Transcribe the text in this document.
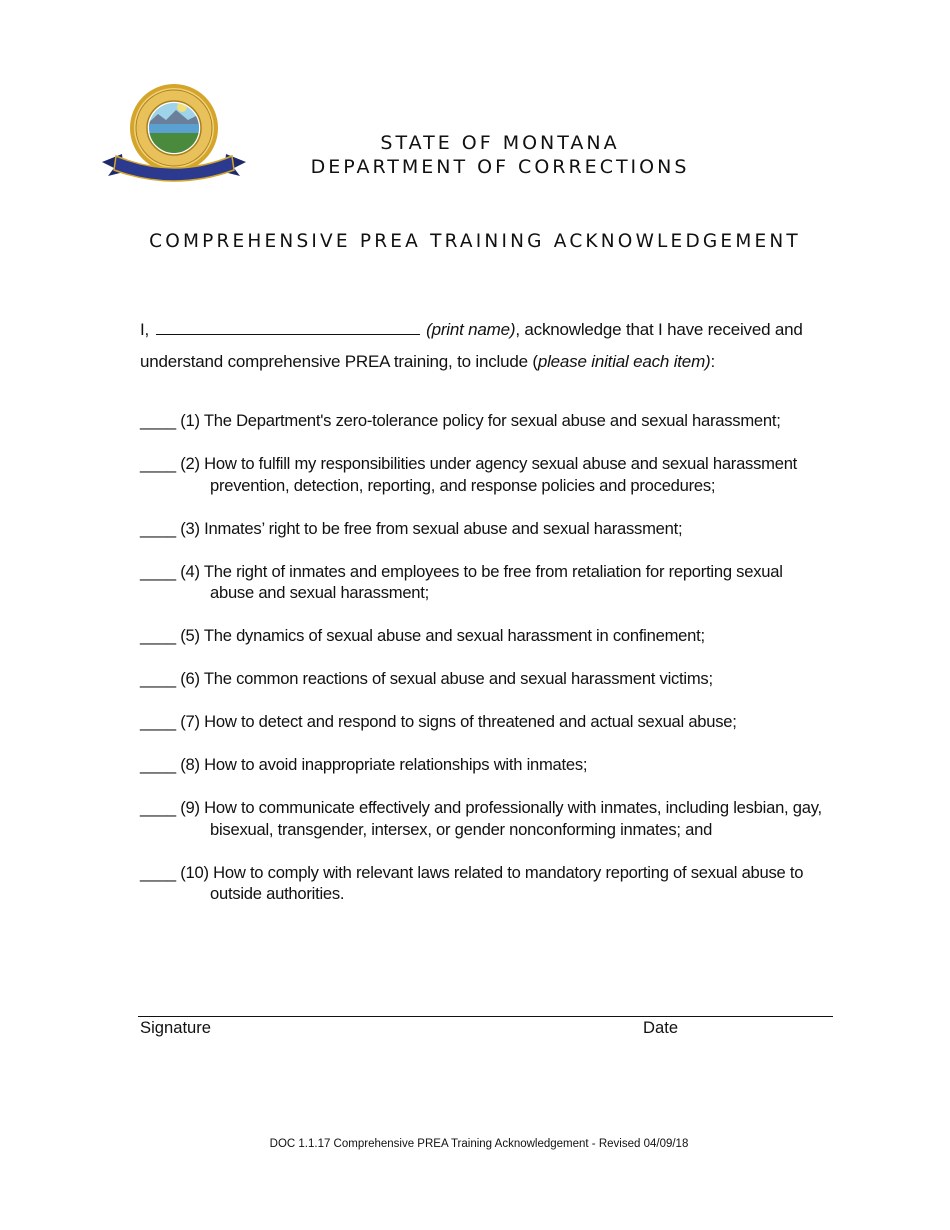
STATE OF MONTANA
DEPARTMENT OF CORRECTIONS
COMPREHENSIVE PREA TRAINING ACKNOWLEDGEMENT
I,	(print name), acknowledge that I have received and understand comprehensive PREA training, to include (please initial each item):
____ (1) The Department's zero-tolerance policy for sexual abuse and sexual harassment;
____ (2) How to fulfill my responsibilities under agency sexual abuse and sexual harassment prevention, detection, reporting, and response policies and procedures;
____ (3) Inmates’ right to be free from sexual abuse and sexual harassment;
____ (4) The right of inmates and employees to be free from retaliation for reporting sexual abuse and sexual harassment;
____ (5) The dynamics of sexual abuse and sexual harassment in confinement;
____ (6) The common reactions of sexual abuse and sexual harassment victims;
____ (7) How to detect and respond to signs of threatened and actual sexual abuse;
____ (8) How to avoid inappropriate relationships with inmates;
____ (9) How to communicate effectively and professionally with inmates, including lesbian, gay, bisexual, transgender, intersex, or gender nonconforming inmates; and
____ (10) How to comply with relevant laws related to mandatory reporting of sexual abuse to outside authorities.
Signature	Date
DOC 1.1.17 Comprehensive PREA Training Acknowledgement - Revised 04/09/18
